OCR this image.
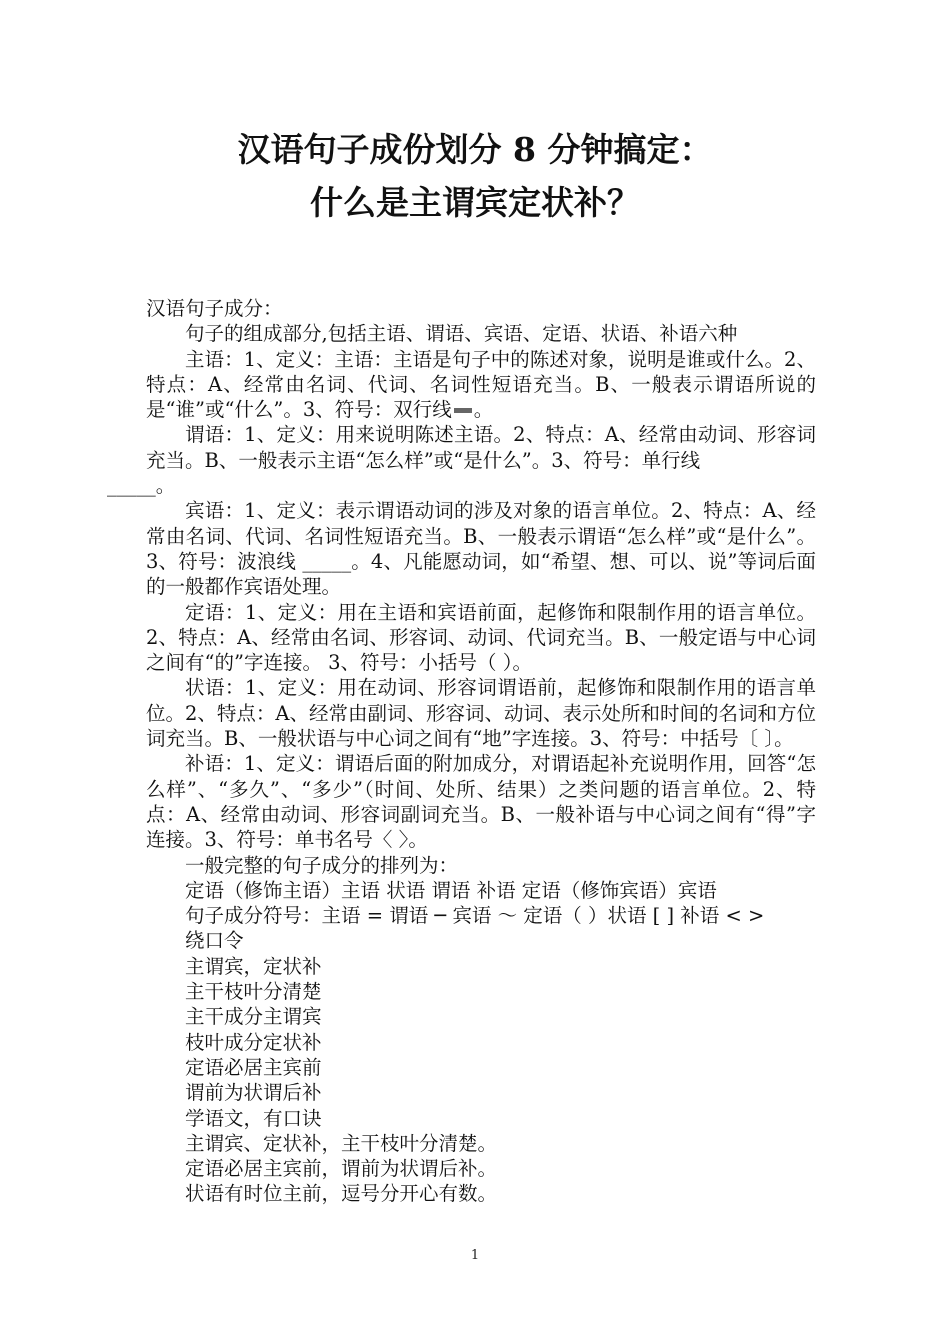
汉语句子成份划分 8 分钟搞定：
什么是主谓宾定状补？

汉语句子成分：

句子的组成部分,包括主语、谓语、宾语、定语、状语、补语六种

主语：1、定义：主语：主语是句子中的陈述对象，说明是谁或什么。2、特点：A、经常由名词、代词、名词性短语充当。B、一般表示谓语所说的是“谁”或“什么”。3、符号：双行线 。

谓语：1、定义：用来说明陈述主语。2、特点：A、经常由动词、形容词充当。B、一般表示主语“怎么样”或“是什么”。3、符号：单行线
_____。

宾语：1、定义：表示谓语动词的涉及对象的语言单位。2、特点：A、经常由名词、代词、名词性短语充当。B、一般表示谓语“怎么样”或“是什么”。3、符号：波浪线 _____。4、凡能愿动词，如“希望、想、可以、说”等词后面的一般都作宾语处理。

定语：1、定义：用在主语和宾语前面，起修饰和限制作用的语言单位。2、特点：A、经常由名词、形容词、动词、代词充当。B、一般定语与中心词之间有“的”字连接。 3、符号：小括号（ ）。

状语：1、定义：用在动词、形容词谓语前，起修饰和限制作用的语言单位。2、特点：A、经常由副词、形容词、动词、表示处所和时间的名词和方位词充当。B、一般状语与中心词之间有“地”字连接。3、符号：中括号〔 〕。

补语：1、定义：谓语后面的附加成分，对谓语起补充说明作用，回答“怎么样”、“多久”、“多少”（时间、处所、结果）之类问题的语言单位。2、特点：A、经常由动词、形容词副词充当。B、一般补语与中心词之间有“得”字连接。3、符号：单书名号〈 〉。

一般完整的句子成分的排列为：

定语（修饰主语）主语 状语 谓语 补语 定语（修饰宾语）宾语

句子成分符号：主语 = 谓语 ─ 宾语 ～ 定语（ ）状语 [ ] 补语 < >

绕口令

主谓宾，定状补

主干枝叶分清楚

主干成分主谓宾

枝叶成分定状补

定语必居主宾前

谓前为状谓后补

学语文，有口诀

主谓宾、定状补，主干枝叶分清楚。

定语必居主宾前，谓前为状谓后补。

状语有时位主前，逗号分开心有数。

1
